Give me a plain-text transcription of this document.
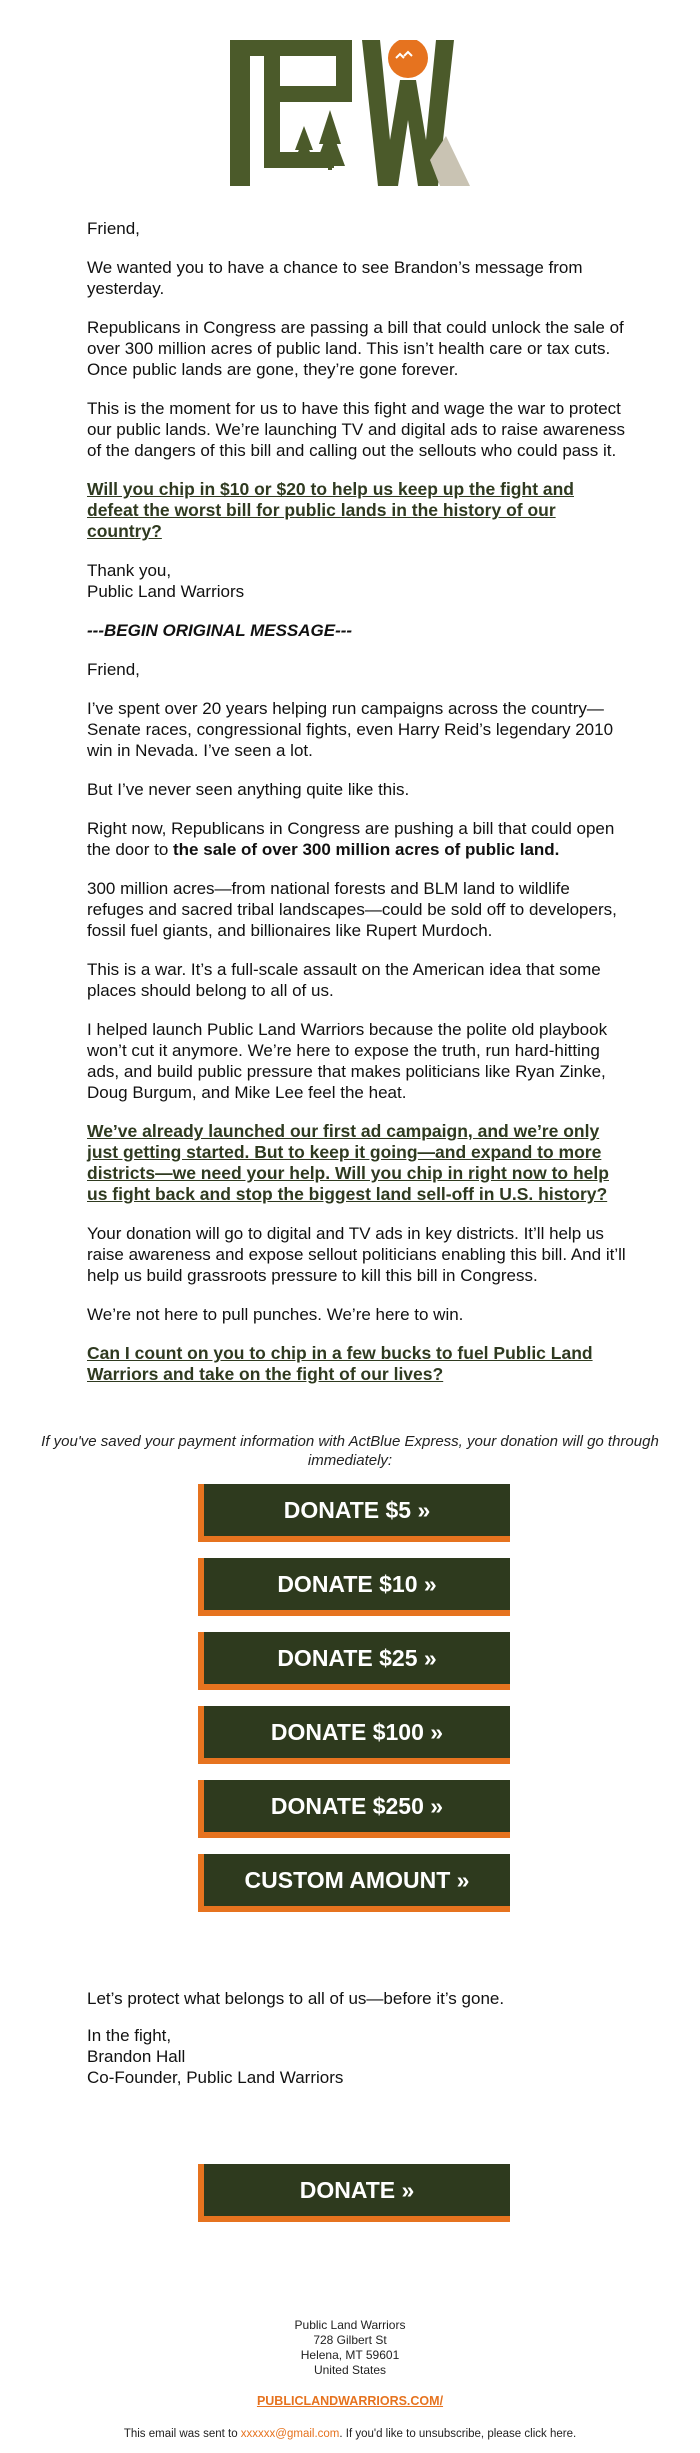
Friend,

We wanted you to have a chance to see Brandon’s message from yesterday.

Republicans in Congress are passing a bill that could unlock the sale of over 300 million acres of public land. This isn’t health care or tax cuts. Once public lands are gone, they’re gone forever.

This is the moment for us to have this fight and wage the war to protect our public lands. We’re launching TV and digital ads to raise awareness of the dangers of this bill and calling out the sellouts who could pass it.

Will you chip in $10 or $20 to help us keep up the fight and defeat the worst bill for public lands in the history of our country?

Thank you,
Public Land Warriors

---BEGIN ORIGINAL MESSAGE---

Friend,

I’ve spent over 20 years helping run campaigns across the country—Senate races, congressional fights, even Harry Reid’s legendary 2010 win in Nevada. I’ve seen a lot.

But I’ve never seen anything quite like this.

Right now, Republicans in Congress are pushing a bill that could open the door to the sale of over 300 million acres of public land.

300 million acres—from national forests and BLM land to wildlife refuges and sacred tribal landscapes—could be sold off to developers, fossil fuel giants, and billionaires like Rupert Murdoch.

This is a war. It’s a full-scale assault on the American idea that some places should belong to all of us.

I helped launch Public Land Warriors because the polite old playbook won’t cut it anymore. We’re here to expose the truth, run hard-hitting ads, and build public pressure that makes politicians like Ryan Zinke, Doug Burgum, and Mike Lee feel the heat.

We’ve already launched our first ad campaign, and we’re only just getting started. But to keep it going—and expand to more districts—we need your help. Will you chip in right now to help us fight back and stop the biggest land sell-off in U.S. history?

Your donation will go to digital and TV ads in key districts. It’ll help us raise awareness and expose sellout politicians enabling this bill. And it’ll help us build grassroots pressure to kill this bill in Congress.

We’re not here to pull punches. We’re here to win.

Can I count on you to chip in a few bucks to fuel Public Land Warriors and take on the fight of our lives?

If you've saved your payment information with ActBlue Express, your donation will go through immediately:
DONATE $5 »
DONATE $10 »
DONATE $25 »
DONATE $100 »
DONATE $250 »
CUSTOM AMOUNT »

Let’s protect what belongs to all of us—before it’s gone.

In the fight,
Brandon Hall
Co-Founder, Public Land Warriors

DONATE »
Public Land Warriors
728 Gilbert St
Helena, MT 59601
United States
PUBLICLANDWARRIORS.COM/
This email was sent to xxxxxx@gmail.com. If you'd like to unsubscribe, please click here.
